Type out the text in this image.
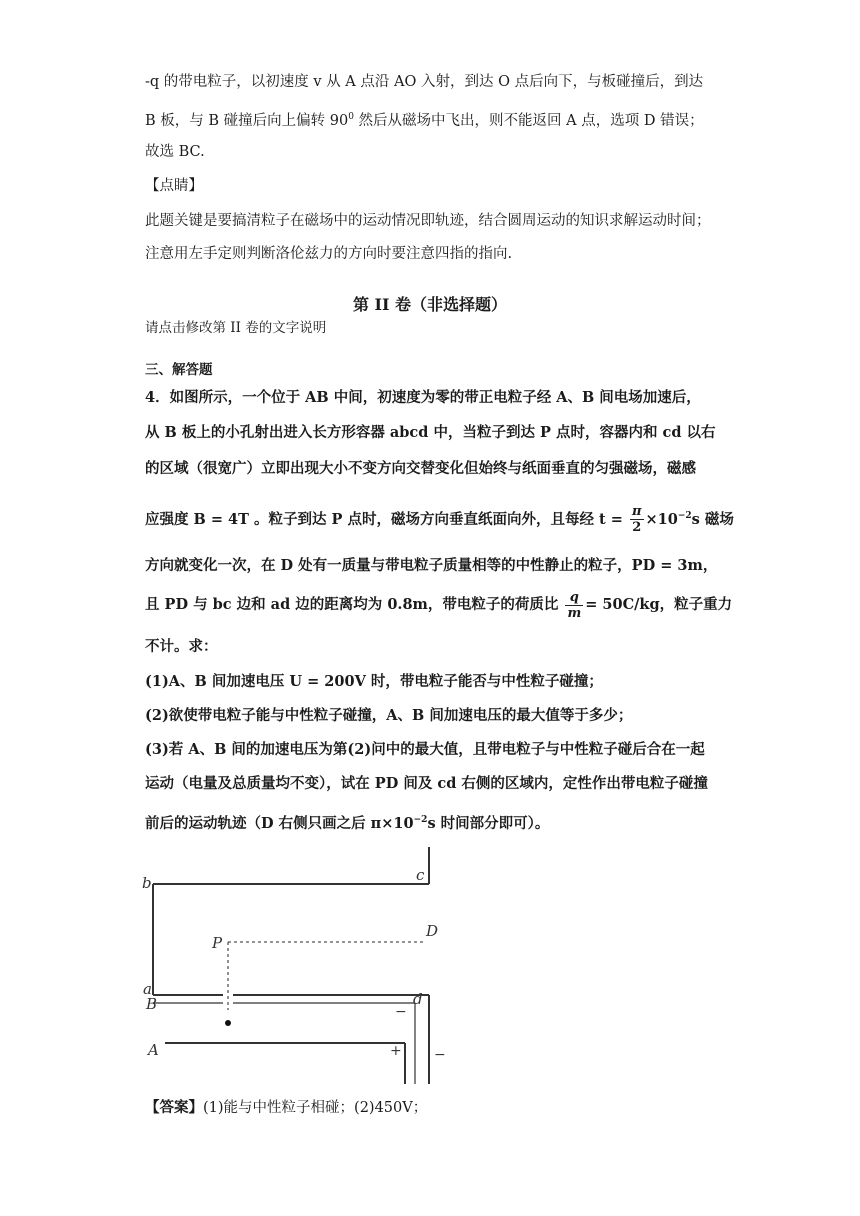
-q 的带电粒子，以初速度 v 从 A 点沿 AO 入射，到达 O 点后向下，与板碰撞后，到达
B 板，与 B 碰撞后向上偏转 $90^0$ 然后从磁场中飞出，则不能返回 A 点，选项 D 错误；
故选 BC.
【点睛】
此题关键是要搞清粒子在磁场中的运动情况即轨迹，结合圆周运动的知识求解运动时间；
注意用左手定则判断洛伦兹力的方向时要注意四指的指向.
第 II 卷（非选择题）
请点击修改第 II 卷的文字说明
三、解答题
4．如图所示，一个位于 AB 中间，初速度为零的带正电粒子经 A、B 间电场加速后，
从 B 板上的小孔射出进入长方形容器 abcd 中，当粒子到达 P 点时，容器内和 cd 以右
的区域（很宽广）立即出现大小不变方向交替变化但始终与纸面垂直的匀强磁场，磁感
应强度 B = 4T 。粒子到达 P 点时，磁场方向垂直纸面向外，且每经 $t = \frac{\pi}{2} \times 10^{-2}s$ 磁场
方向就变化一次，在 D 处有一质量与带电粒子质量相等的中性静止的粒子，PD = 3m，
且 PD 与 bc 边和 ad 边的距离均为 0.8m，带电粒子的荷质比 $\frac{q}{m} = 50C/kg$，粒子重力
不计。求：
(1)A、B 间加速电压 U = 200V 时，带电粒子能否与中性粒子碰撞；
(2)欲使带电粒子能与中性粒子碰撞，A、B 间加速电压的最大值等于多少；
(3)若 A、B 间的加速电压为第(2)问中的最大值，且带电粒子与中性粒子碰后合在一起
运动（电量及总质量均不变），试在 PD 间及 cd 右侧的区域内，定性作出带电粒子碰撞
前后的运动轨迹（D 右侧只画之后 $\pi\times 10^{-2}s$ 时间部分即可）。
b	c
P
D
a
B	d
A
−
+ −
【答案】(1)能与中性粒子相碰；(2)450V；
